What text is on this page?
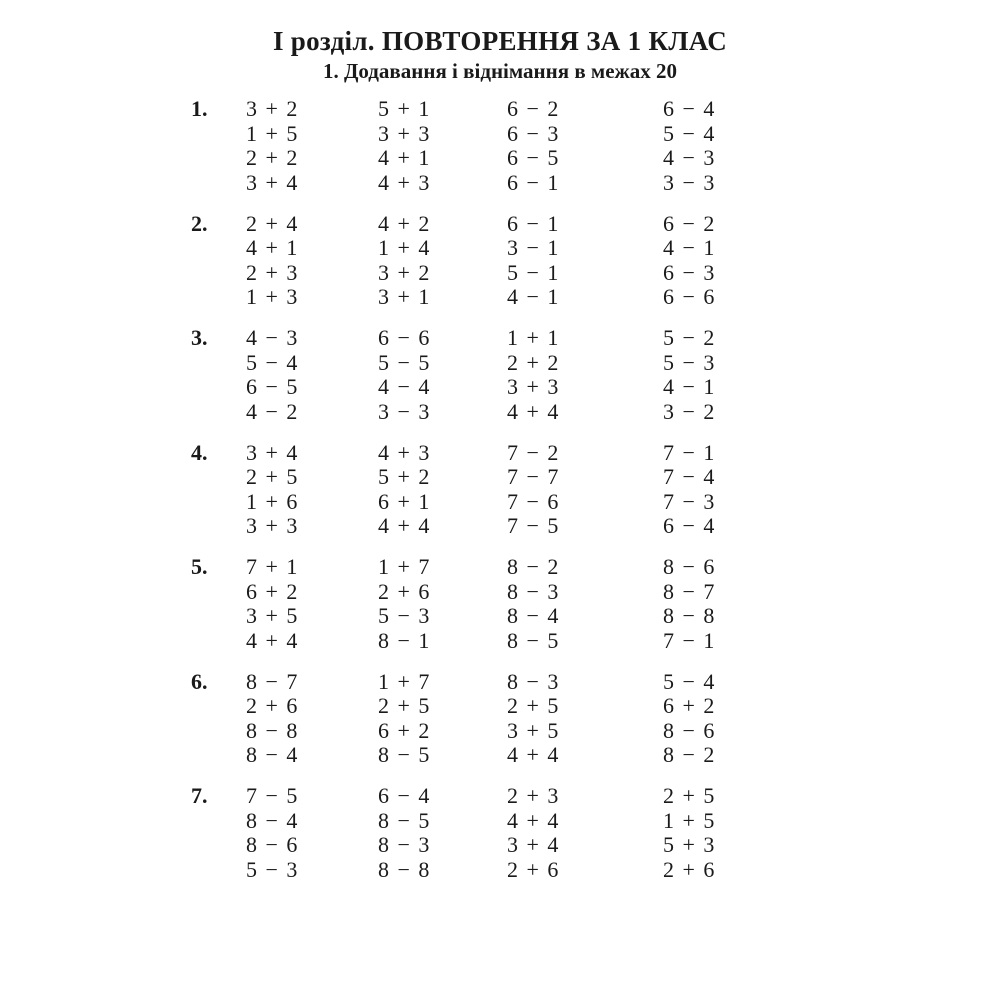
I розділ. ПОВТОРЕННЯ ЗА 1 КЛАС
1. Додавання і віднімання в межах 20
1. 3 + 2
1 + 5
2 + 2
3 + 4
5 + 1
3 + 3
4 + 1
4 + 3
6 − 2
6 − 3
6 − 5
6 − 1
6 − 4
5 − 4
4 − 3
3 − 3
2. 2 + 4
4 + 1
2 + 3
1 + 3
4 + 2
1 + 4
3 + 2
3 + 1
6 − 1
3 − 1
5 − 1
4 − 1
6 − 2
4 − 1
6 − 3
6 − 6
3. 4 − 3
5 − 4
6 − 5
4 − 2
6 − 6
5 − 5
4 − 4
3 − 3
1 + 1
2 + 2
3 + 3
4 + 4
5 − 2
5 − 3
4 − 1
3 − 2
4. 3 + 4
2 + 5
1 + 6
3 + 3
4 + 3
5 + 2
6 + 1
4 + 4
7 − 2
7 − 7
7 − 6
7 − 5
7 − 1
7 − 4
7 − 3
6 − 4
5. 7 + 1
6 + 2
3 + 5
4 + 4
1 + 7
2 + 6
5 − 3
8 − 1
8 − 2
8 − 3
8 − 4
8 − 5
8 − 6
8 − 7
8 − 8
7 − 1
6. 8 − 7
2 + 6
8 − 8
8 − 4
1 + 7
2 + 5
6 + 2
8 − 5
8 − 3
2 + 5
3 + 5
4 + 4
5 − 4
6 + 2
8 − 6
8 − 2
7. 7 − 5
8 − 4
8 − 6
5 − 3
6 − 4
8 − 5
8 − 3
8 − 8
2 + 3
4 + 4
3 + 4
2 + 6
2 + 5
1 + 5
5 + 3
2 + 6
